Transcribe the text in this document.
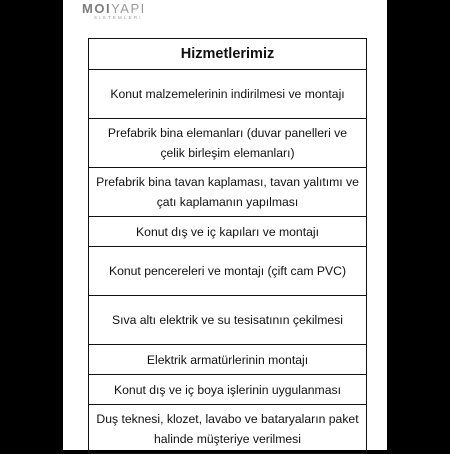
MOIYAPI
SISTEMLERI
Hizmetlerimiz
Konut malzemelerinin indirilmesi ve montajı
Prefabrik bina elemanları (duvar panelleri ve çelik birleşim elemanları)
Prefabrik bina tavan kaplaması, tavan yalıtımı ve çatı kaplamanın yapılması
Konut dış ve iç kapıları ve montajı
Konut pencereleri ve montajı (çift cam PVC)
Sıva altı elektrik ve su tesisatının çekilmesi
Elektrik armatürlerinin montajı
Konut dış ve iç boya işlerinin uygulanması
Duş teknesi, klozet, lavabo ve bataryaların paket halinde müşteriye verilmesi
